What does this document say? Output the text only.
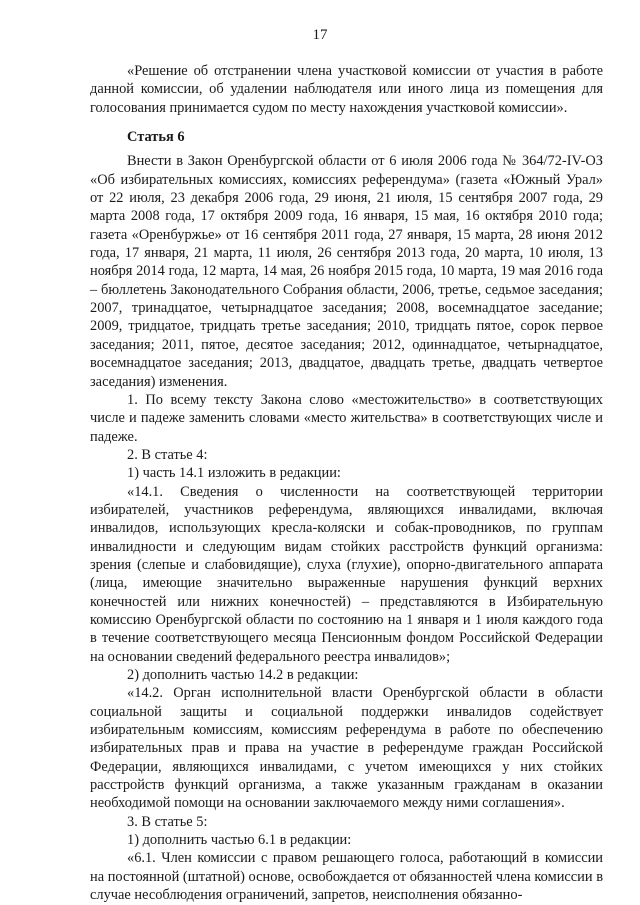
17

«Решение об отстранении члена участковой комиссии от участия в работе данной комиссии, об удалении наблюдателя или иного лица из помещения для голосования принимается судом по месту нахождения участковой комиссии».

Статья 6

Внести в Закон Оренбургской области от 6 июля 2006 года № 364/72-IV-ОЗ «Об избирательных комиссиях, комиссиях референдума» (газета «Южный Урал» от 22 июля, 23 декабря 2006 года, 29 июня, 21 июля, 15 сентября 2007 года, 29 марта 2008 года, 17 октября 2009 года, 16 января, 15 мая, 16 октября 2010 года; газета «Оренбуржье» от 16 сентября 2011 года, 27 января, 15 марта, 28 июня 2012 года, 17 января, 21 марта, 11 июля, 26 сентября 2013 года, 20 марта, 10 июля, 13 ноября 2014 года, 12 марта, 14 мая, 26 ноября 2015 года, 10 марта, 19 мая 2016 года – бюллетень Законодательного Собрания области, 2006, третье, седьмое заседания; 2007, тринадцатое, четырнадцатое заседания; 2008, восемнадцатое заседание; 2009, тридцатое, тридцать третье заседания; 2010, тридцать пятое, сорок первое заседания; 2011, пятое, десятое заседания; 2012, одиннадцатое, четырнадцатое, восемнадцатое заседания; 2013, двадцатое, двадцать третье, двадцать четвертое заседания) изменения.

1. По всему тексту Закона слово «местожительство» в соответствующих числе и падеже заменить словами «место жительства» в соответствующих числе и падеже.

2. В статье 4:

1) часть 14.1 изложить в редакции:

«14.1. Сведения о численности на соответствующей территории избирателей, участников референдума, являющихся инвалидами, включая инвалидов, использующих кресла-коляски и собак-проводников, по группам инвалидности и следующим видам стойких расстройств функций организма: зрения (слепые и слабовидящие), слуха (глухие), опорно-двигательного аппарата (лица, имеющие значительно выраженные нарушения функций верхних конечностей или нижних конечностей) – представляются в Избирательную комиссию Оренбургской области по состоянию на 1 января и 1 июля каждого года в течение соответствующего месяца Пенсионным фондом Российской Федерации на основании сведений федерального реестра инвалидов»;

2) дополнить частью 14.2 в редакции:

«14.2. Орган исполнительной власти Оренбургской области в области социальной защиты и социальной поддержки инвалидов содействует избирательным комиссиям, комиссиям референдума в работе по обеспечению избирательных прав и права на участие в референдуме граждан Российской Федерации, являющихся инвалидами, с учетом имеющихся у них стойких расстройств функций организма, а также указанным гражданам в оказании необходимой помощи на основании заключаемого между ними соглашения».

3. В статье 5:

1) дополнить частью 6.1 в редакции:

«6.1. Член комиссии с правом решающего голоса, работающий в комиссии на постоянной (штатной) основе, освобождается от обязанностей члена комиссии в случае несоблюдения ограничений, запретов, неисполнения обязанно-
